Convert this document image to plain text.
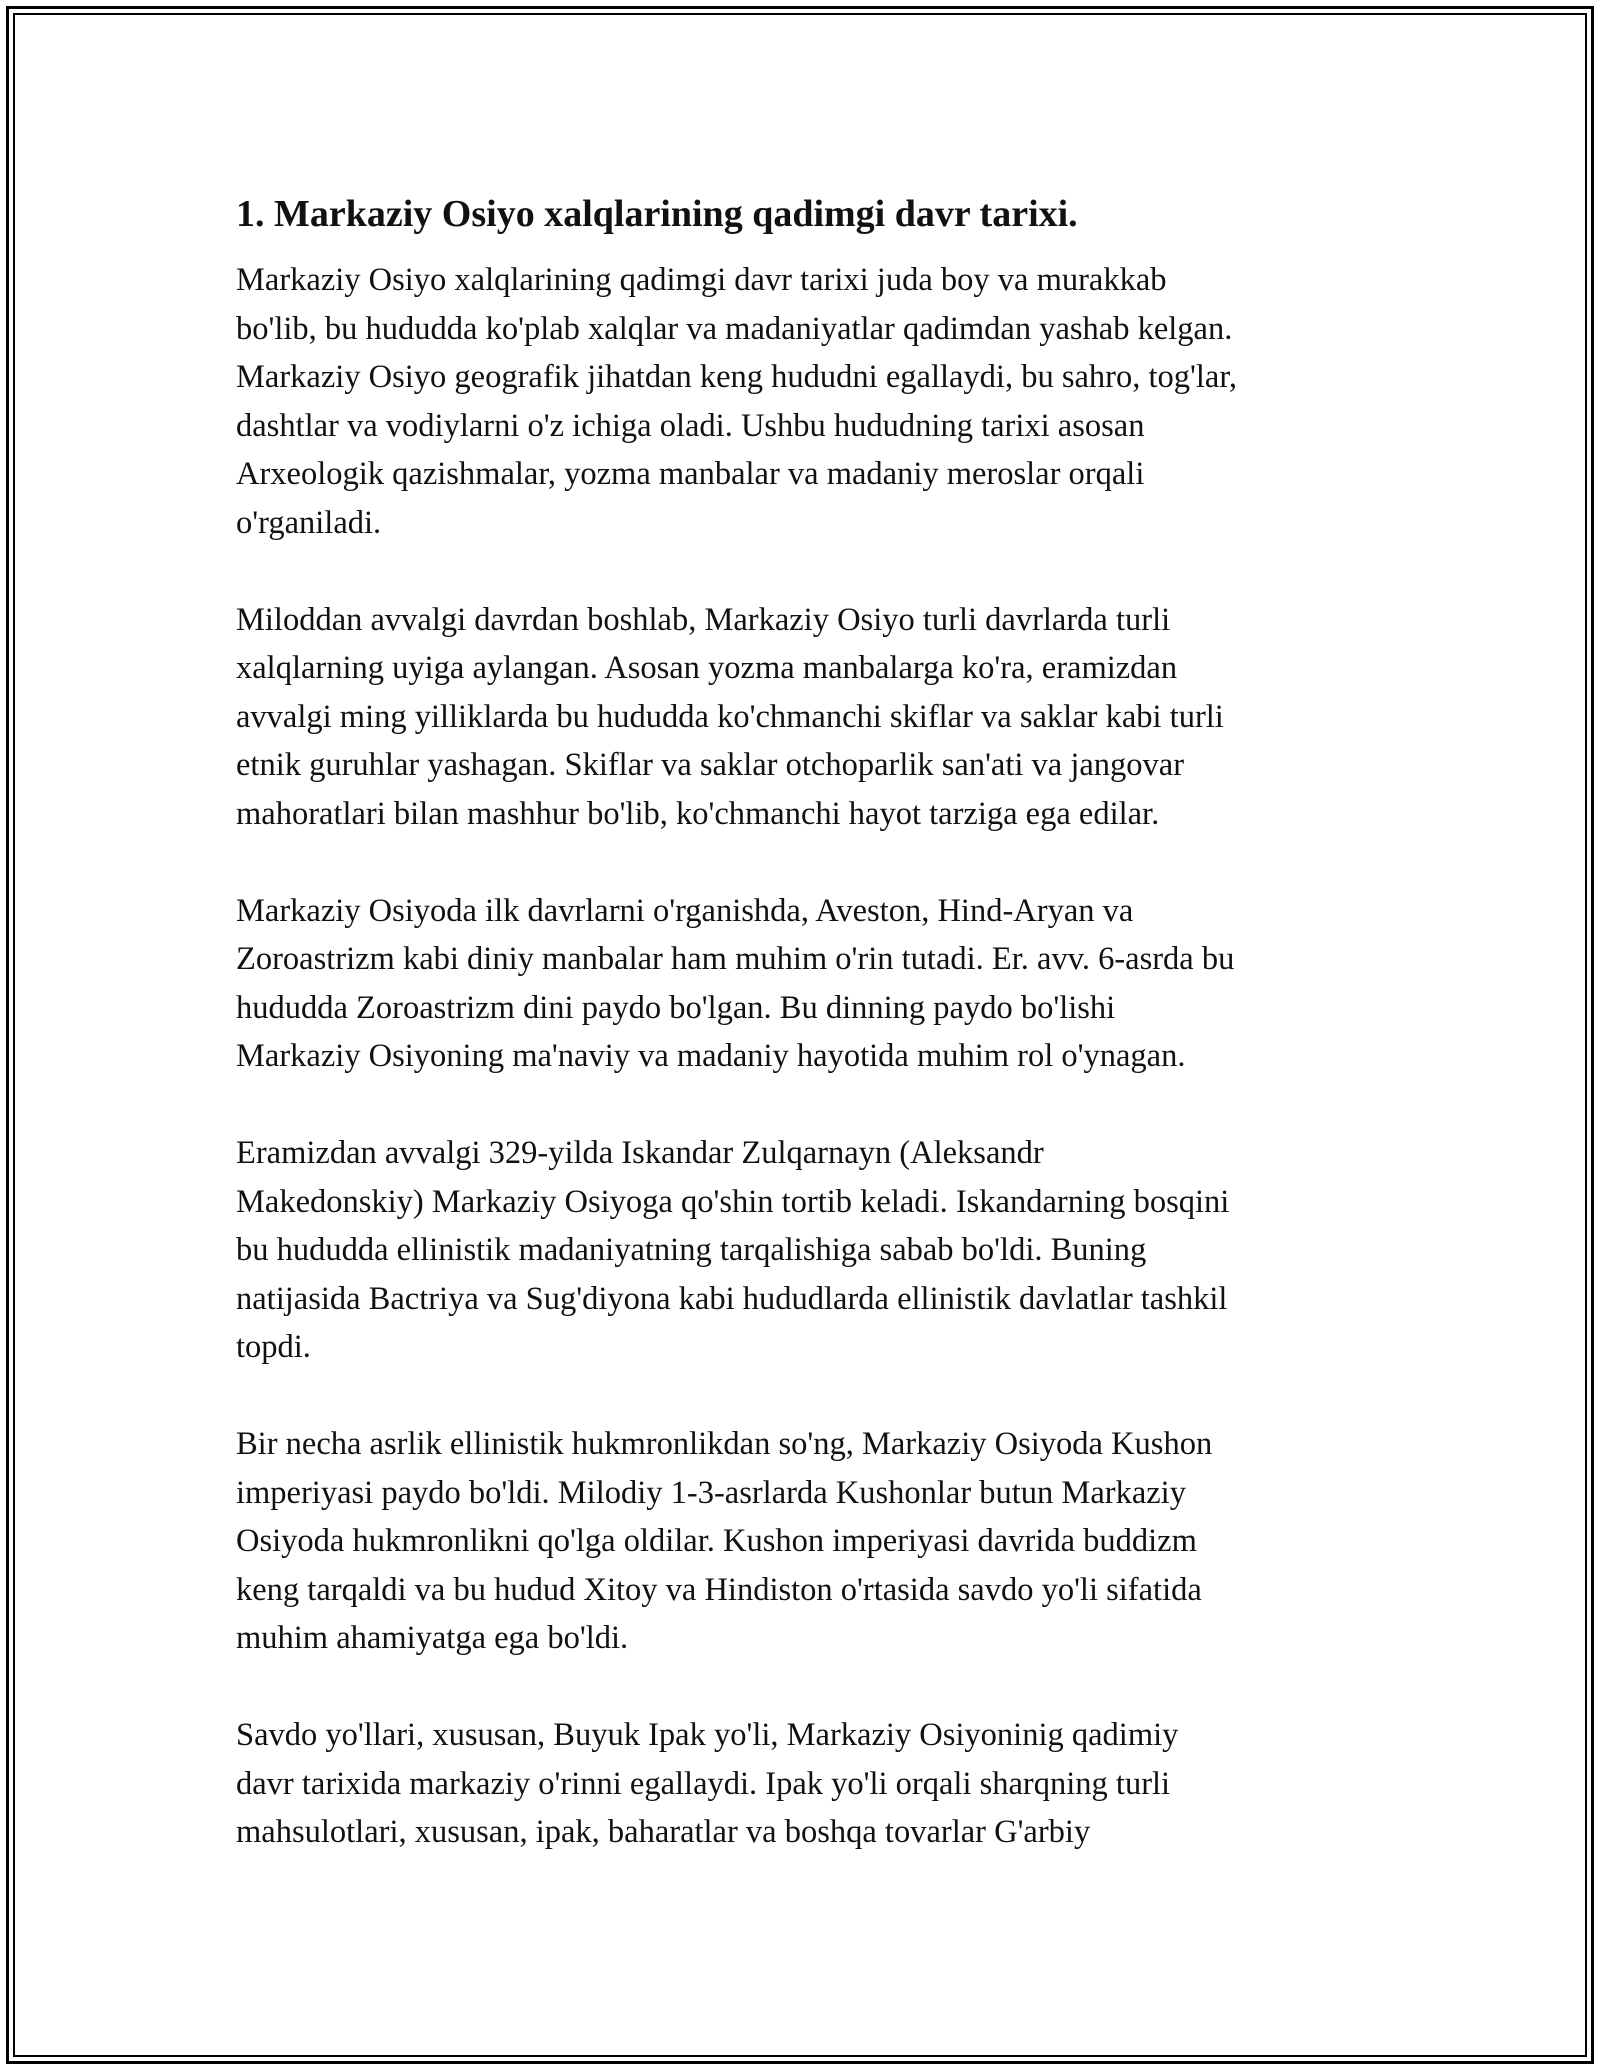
1. Markaziy Osiyo xalqlarining qadimgi davr tarixi.

Markaziy Osiyo xalqlarining qadimgi davr tarixi juda boy va murakkab
bo'lib, bu hududda ko'plab xalqlar va madaniyatlar qadimdan yashab kelgan.
Markaziy Osiyo geografik jihatdan keng hududni egallaydi, bu sahro, tog'lar,
dashtlar va vodiylarni o'z ichiga oladi. Ushbu hududning tarixi asosan
Arxeologik qazishmalar, yozma manbalar va madaniy meroslar orqali
o'rganiladi.

Miloddan avvalgi davrdan boshlab, Markaziy Osiyo turli davrlarda turli
xalqlarning uyiga aylangan. Asosan yozma manbalarga ko'ra, eramizdan
avvalgi ming yilliklarda bu hududda ko'chmanchi skiflar va saklar kabi turli
etnik guruhlar yashagan. Skiflar va saklar otchoparlik san'ati va jangovar
mahoratlari bilan mashhur bo'lib, ko'chmanchi hayot tarziga ega edilar.

Markaziy Osiyoda ilk davrlarni o'rganishda, Aveston, Hind-Aryan va
Zoroastrizm kabi diniy manbalar ham muhim o'rin tutadi. Er. avv. 6-asrda bu
hududda Zoroastrizm dini paydo bo'lgan. Bu dinning paydo bo'lishi
Markaziy Osiyoning ma'naviy va madaniy hayotida muhim rol o'ynagan.

Eramizdan avvalgi 329-yilda Iskandar Zulqarnayn (Aleksandr
Makedonskiy) Markaziy Osiyoga qo'shin tortib keladi. Iskandarning bosqini
bu hududda ellinistik madaniyatning tarqalishiga sabab bo'ldi. Buning
natijasida Bactriya va Sug'diyona kabi hududlarda ellinistik davlatlar tashkil
topdi.

Bir necha asrlik ellinistik hukmronlikdan so'ng, Markaziy Osiyoda Kushon
imperiyasi paydo bo'ldi. Milodiy 1-3-asrlarda Kushonlar butun Markaziy
Osiyoda hukmronlikni qo'lga oldilar. Kushon imperiyasi davrida buddizm
keng tarqaldi va bu hudud Xitoy va Hindiston o'rtasida savdo yo'li sifatida
muhim ahamiyatga ega bo'ldi.

Savdo yo'llari, xususan, Buyuk Ipak yo'li, Markaziy Osiyoninig qadimiy
davr tarixida markaziy o'rinni egallaydi. Ipak yo'li orqali sharqning turli
mahsulotlari, xususan, ipak, baharatlar va boshqa tovarlar G'arbiy
